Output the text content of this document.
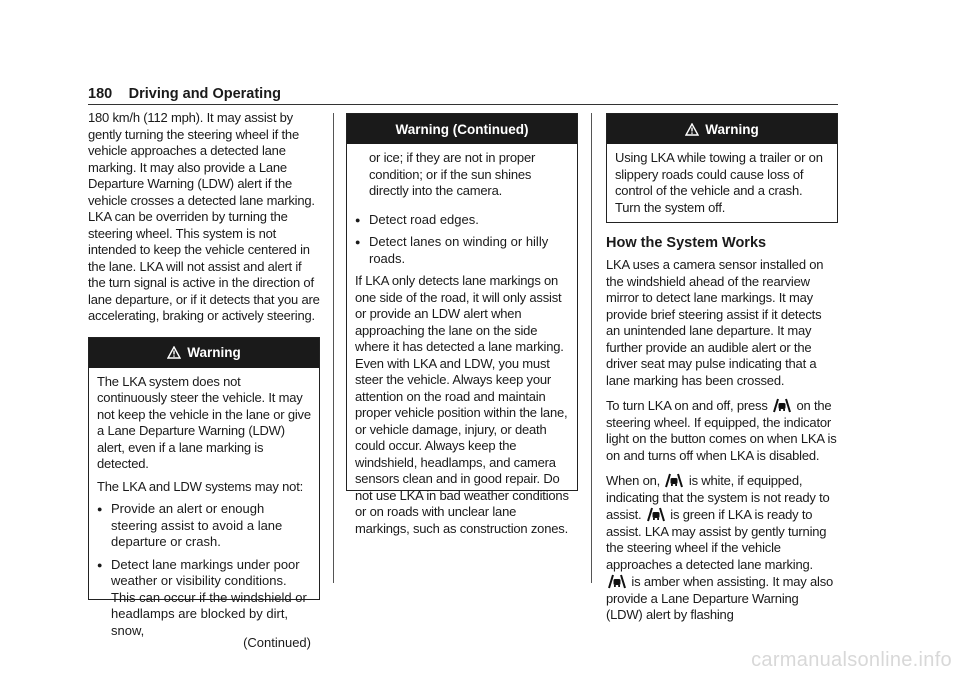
180 Driving and Operating

180 km/h (112 mph). It may assist by gently turning the steering wheel if the vehicle approaches a detected lane marking. It may also provide a Lane Departure Warning (LDW) alert if the vehicle crosses a detected lane marking. LKA can be overriden by turning the steering wheel. This system is not intended to keep the vehicle centered in the lane. LKA will not assist and alert if the turn signal is active in the direction of lane departure, or if it detects that you are accelerating, braking or actively steering.

Warning

The LKA system does not continuously steer the vehicle. It may not keep the vehicle in the lane or give a Lane Departure Warning (LDW) alert, even if a lane marking is detected.

The LKA and LDW systems may not:

● Provide an alert or enough steering assist to avoid a lane departure or crash.
● Detect lane markings under poor weather or visibility conditions. This can occur if the windshield or headlamps are blocked by dirt, snow,
(Continued)
Warning (Continued)

or ice; if they are not in proper condition; or if the sun shines directly into the camera.

● Detect road edges.
● Detect lanes on winding or hilly roads.

If LKA only detects lane markings on one side of the road, it will only assist or provide an LDW alert when approaching the lane on the side where it has detected a lane marking. Even with LKA and LDW, you must steer the vehicle. Always keep your attention on the road and maintain proper vehicle position within the lane, or vehicle damage, injury, or death could occur. Always keep the windshield, headlamps, and camera sensors clean and in good repair. Do not use LKA in bad weather conditions or on roads with unclear lane markings, such as construction zones.

Warning

Using LKA while towing a trailer or on slippery roads could cause loss of control of the vehicle and a crash. Turn the system off.

How the System Works

LKA uses a camera sensor installed on the windshield ahead of the rearview mirror to detect lane markings. It may provide brief steering assist if it detects an unintended lane departure. It may further provide an audible alert or the driver seat may pulse indicating that a lane marking has been crossed.

To turn LKA on and off, press on the steering wheel. If equipped, the indicator light on the button comes on when LKA is on and turns off when LKA is disabled.

When on, is white, if equipped, indicating that the system is not ready to assist. is green if LKA is ready to assist. LKA may assist by gently turning the steering wheel if the vehicle approaches a detected lane marking.  is amber when assisting. It may also provide a Lane Departure Warning (LDW) alert by flashing

carmanualsonline.info
